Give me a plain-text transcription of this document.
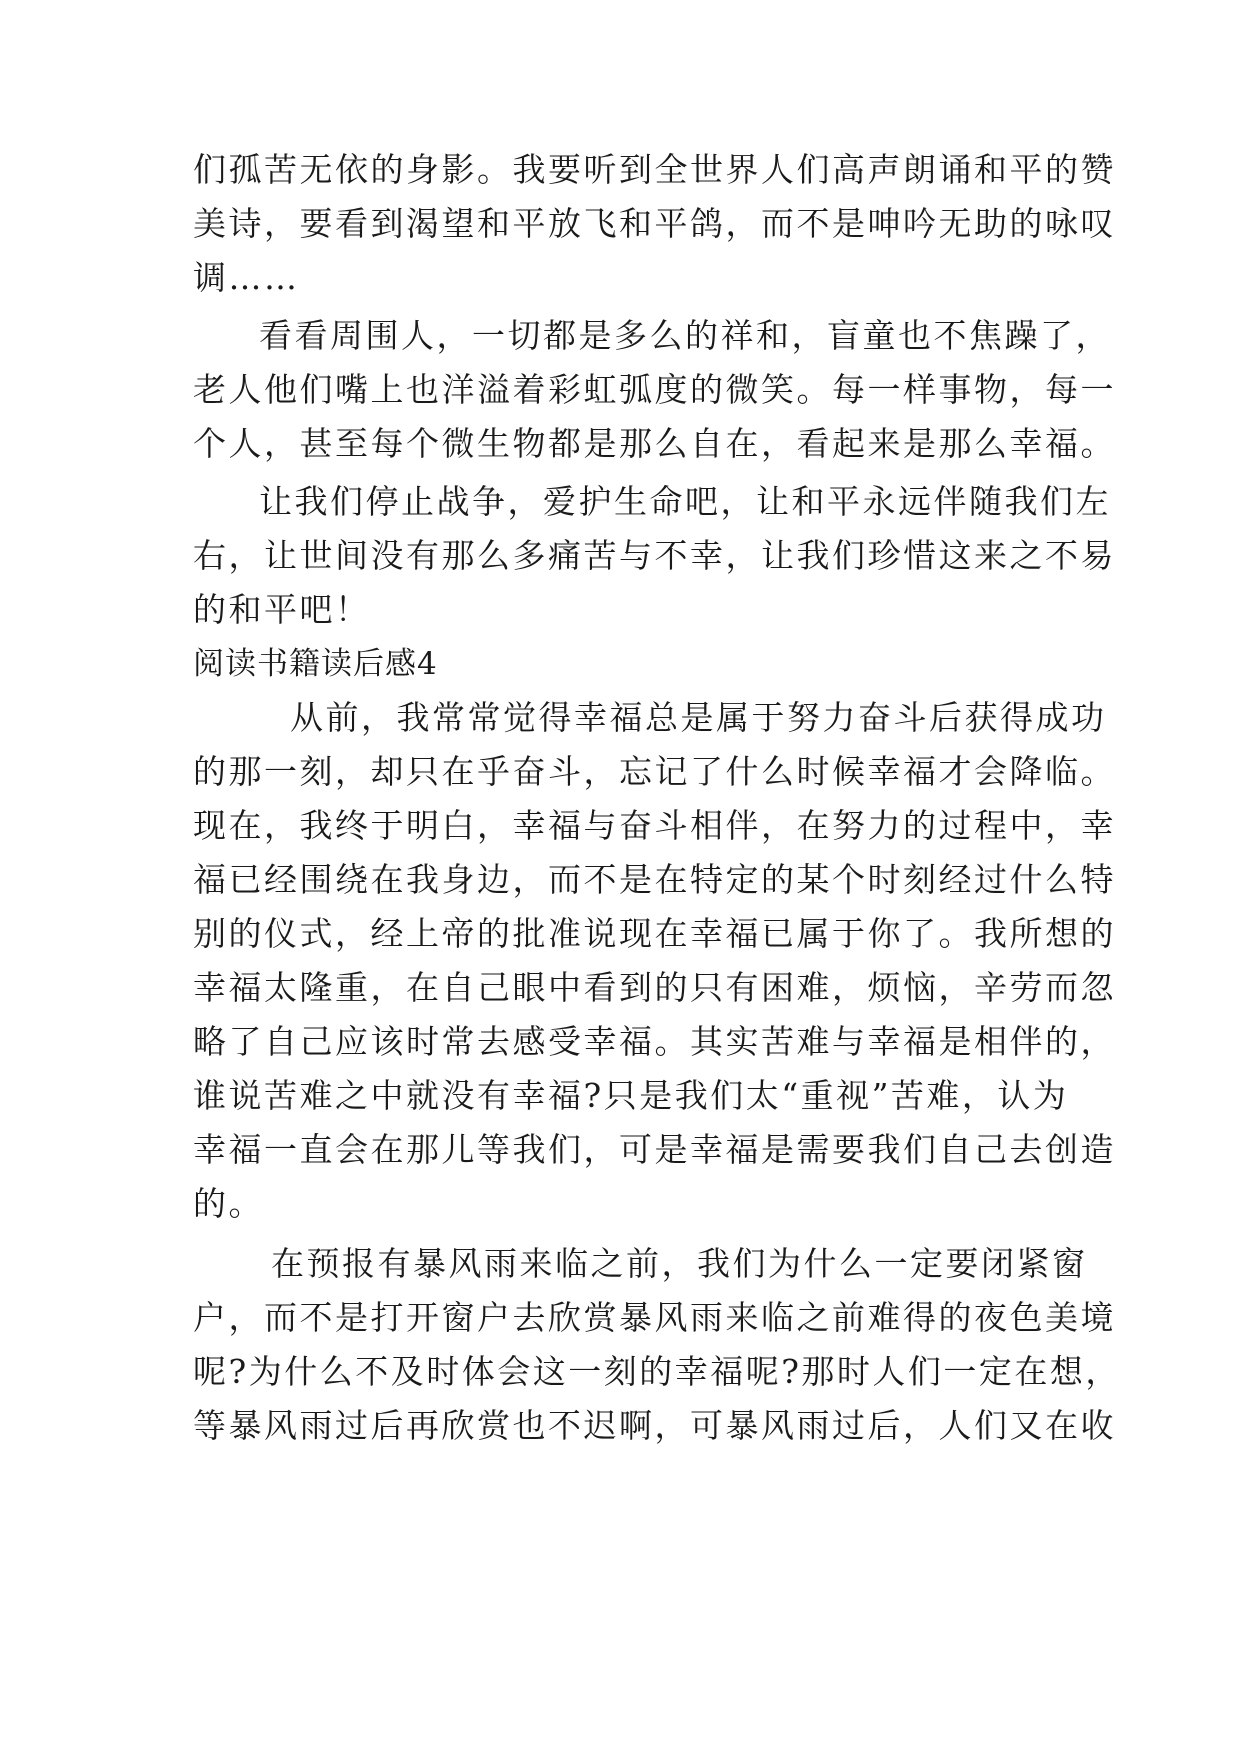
们孤苦无依的身影。我要听到全世界人们高声朗诵和平的赞
美诗，要看到渴望和平放飞和平鸽，而不是呻吟无助的咏叹
调……
看看周围人，一切都是多么的祥和，盲童也不焦躁了，
老人他们嘴上也洋溢着彩虹弧度的微笑。每一样事物，每一
个人，甚至每个微生物都是那么自在，看起来是那么幸福。
让我们停止战争，爱护生命吧，让和平永远伴随我们左
右，让世间没有那么多痛苦与不幸，让我们珍惜这来之不易
的和平吧！
阅读书籍读后感4
从前，我常常觉得幸福总是属于努力奋斗后获得成功
的那一刻，却只在乎奋斗，忘记了什么时候幸福才会降临。
现在，我终于明白，幸福与奋斗相伴，在努力的过程中，幸
福已经围绕在我身边，而不是在特定的某个时刻经过什么特
别的仪式，经上帝的批准说现在幸福已属于你了。我所想的
幸福太隆重，在自己眼中看到的只有困难，烦恼，辛劳而忽
略了自己应该时常去感受幸福。其实苦难与幸福是相伴的，
谁说苦难之中就没有幸福?只是我们太“重视”苦难，认为
幸福一直会在那儿等我们，可是幸福是需要我们自己去创造
的。
在预报有暴风雨来临之前，我们为什么一定要闭紧窗
户，而不是打开窗户去欣赏暴风雨来临之前难得的夜色美境
呢?为什么不及时体会这一刻的幸福呢?那时人们一定在想，
等暴风雨过后再欣赏也不迟啊，可暴风雨过后，人们又在收
